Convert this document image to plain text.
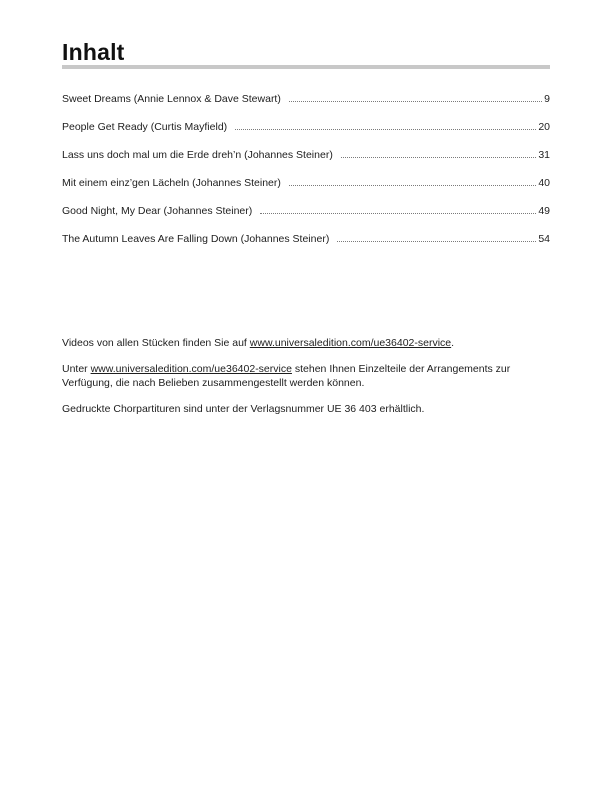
Inhalt
Sweet Dreams (Annie Lennox & Dave Stewart)	9
People Get Ready (Curtis Mayfield)	20
Lass uns doch mal um die Erde dreh’n (Johannes Steiner)	31
Mit einem einz’gen Lächeln (Johannes Steiner)	40
Good Night, My Dear (Johannes Steiner)	49
The Autumn Leaves Are Falling Down (Johannes Steiner)	54

Videos von allen Stücken finden Sie auf www.universaledition.com/ue36402-service.

Unter www.universaledition.com/ue36402-service stehen Ihnen Einzelteile der Arrangements zur Verfügung, die nach Belieben zusammengestellt werden können.

Gedruckte Chorpartituren sind unter der Verlagsnummer UE 36 403 erhältlich.
